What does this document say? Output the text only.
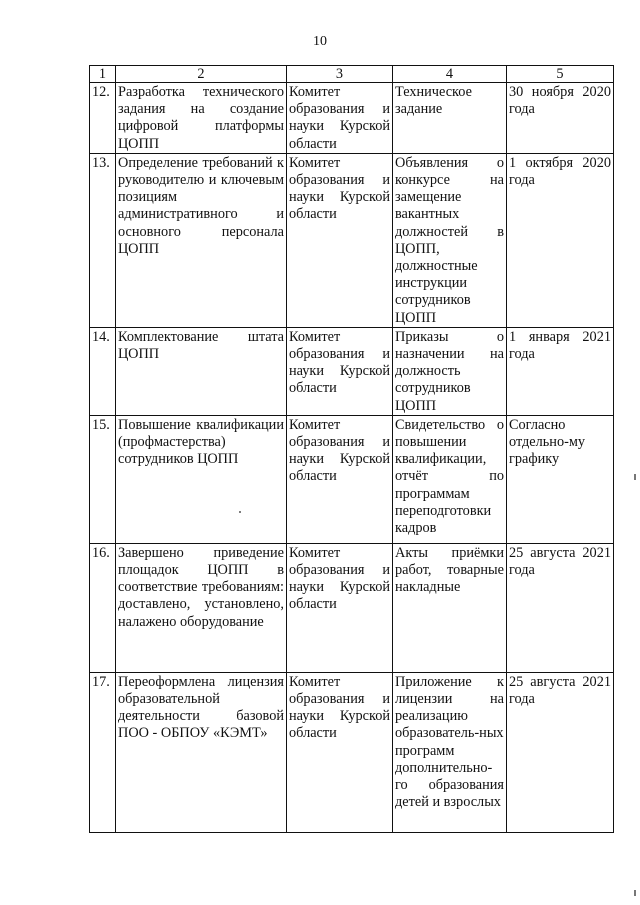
10
1	2	3	4	5
12.	Разработка технического задания на создание цифровой платформы ЦОПП	Комитет образования и науки Курской области	Техническое задание	30 ноября 2020 года
13.	Определение требований к руководителю и ключевым позициям административного и основного персонала ЦОПП	Комитет образования и науки Курской области	Объявления о конкурсе на замещение вакантных должностей в ЦОПП, должностные инструкции сотрудников ЦОПП	1 октября 2020 года
14.	Комплектование штата ЦОПП	Комитет образования и науки Курской области	Приказы о назначении на должность сотрудников ЦОПП	1 января 2021 года
15.	Повышение квалификации (профмастерства) сотрудников ЦОПП	Комитет образования и науки Курской области	Свидетельство о повышении квалификации, отчёт по программам переподготовки кадров	Согласно отдельно-му графику
16.	Завершено приведение площадок ЦОПП в соответствие требованиям: доставлено, установлено, налажено оборудование	Комитет образования и науки Курской области	Акты приёмки работ, товарные накладные	25 августа 2021 года
17.	Переоформлена лицензия образовательной деятельности базовой ПОО - ОБПОУ «КЭМТ»	Комитет образования и науки Курской области	Приложение к лицензии на реализацию образователь-ных программ дополнительно-го образования детей и взрослых	25 августа 2021 года
